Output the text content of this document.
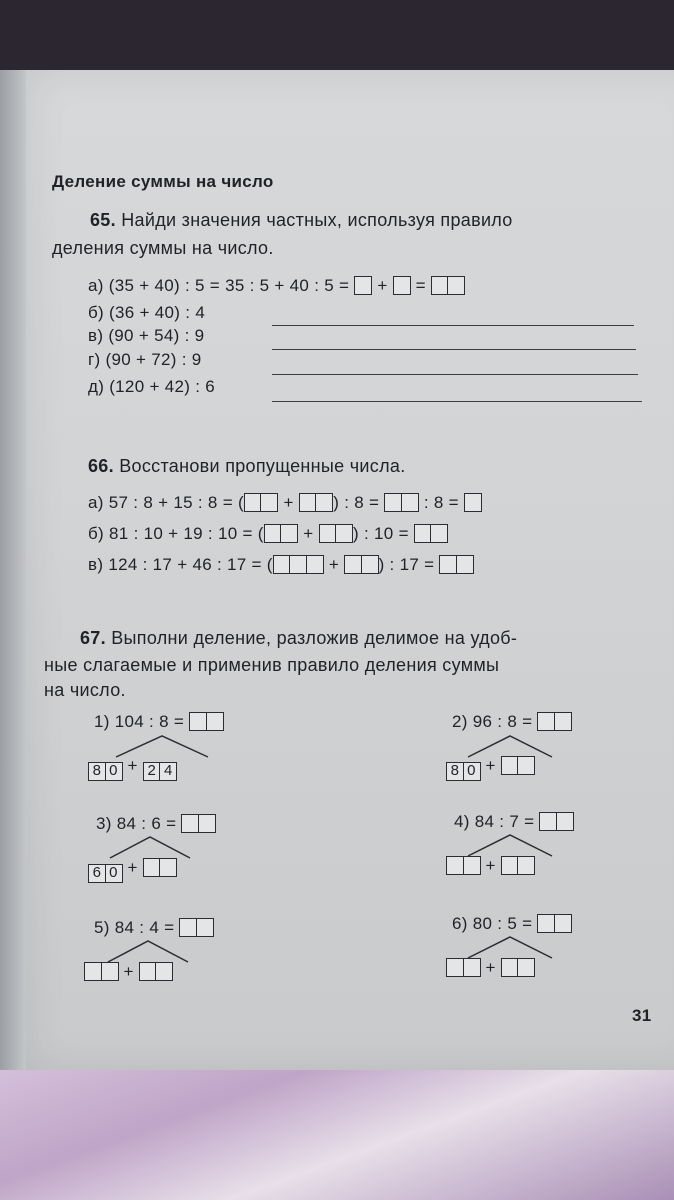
Деление суммы на число
65. Найди значения частных, используя правило
деления суммы на число.
а) (35 + 40) : 5 = 35 : 5 + 40 : 5 = + =
б) (36 + 40) : 4
в) (90 + 54) : 9
г) (90 + 72) : 9
д) (120 + 42) : 6
66. Восстанови пропущенные числа.
а) 57 : 8 + 15 : 8 = ( + ) : 8 =	: 8 =
б) 81 : 10 + 19 : 10 = ( + ) : 10 =
в) 124 : 17 + 46 : 17 = (	+ ) : 17 =
67. Выполни деление, разложив делимое на удоб-
ные слагаемые и применив правило деления суммы
на число.
1) 104 : 8 =
8 0 + 2 4
2) 96 : 8 =
8 0 +
3) 84 : 6 =
6 0 +
4) 84 : 7 =
+
5) 84 : 4 =
+
6) 80 : 5 =
+
31
